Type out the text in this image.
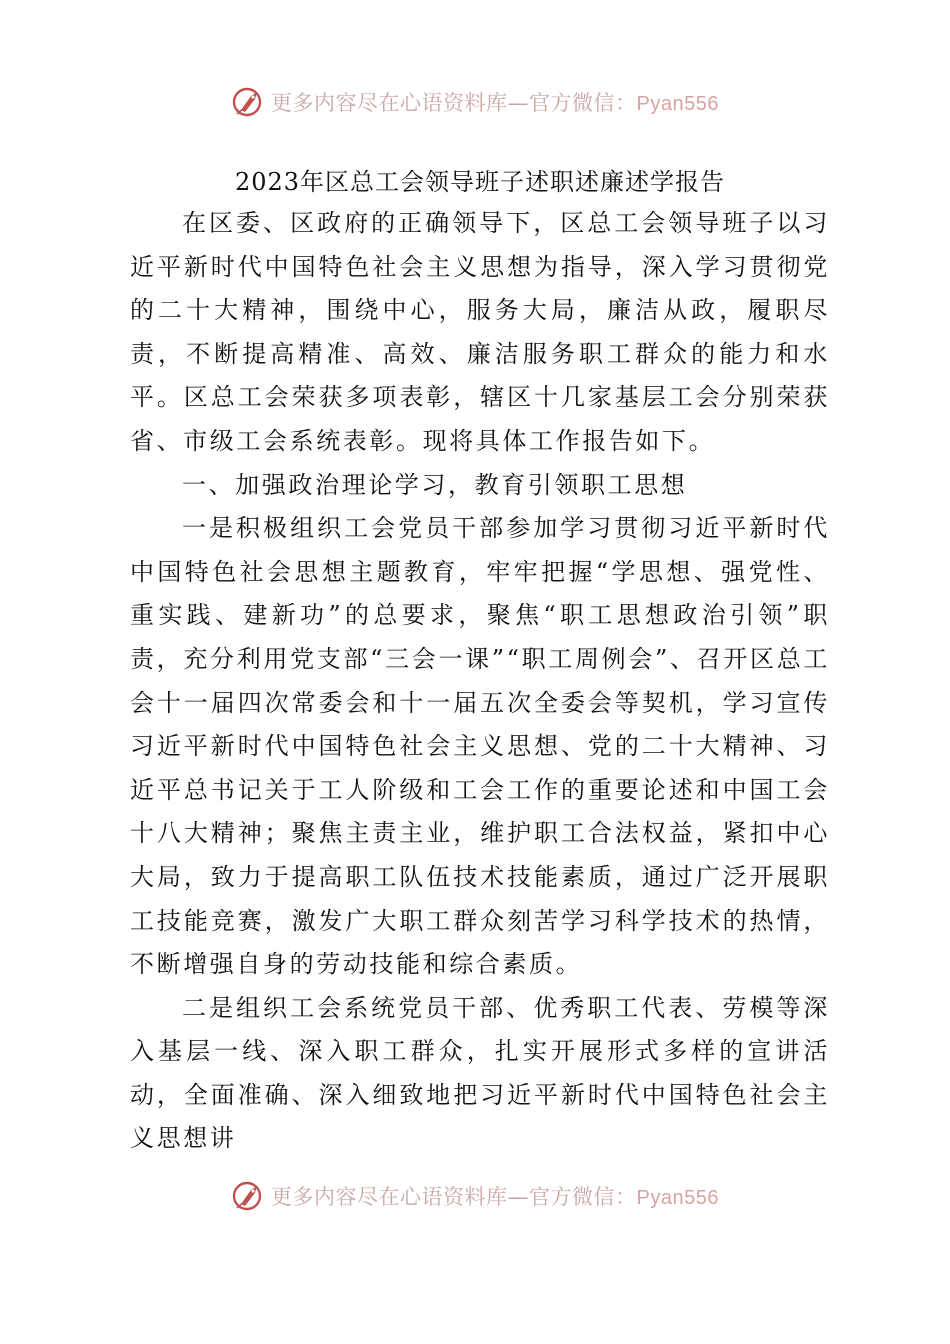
更多内容尽在心语资料库—官方微信：Pyan556
2023年区总工会领导班子述职述廉述学报告

在区委、区政府的正确领导下，区总工会领导班子以习近平新时代中国特色社会主义思想为指导，深入学习贯彻党的二十大精神，围绕中心，服务大局，廉洁从政，履职尽责，不断提高精准、高效、廉洁服务职工群众的能力和水平。区总工会荣获多项表彰，辖区十几家基层工会分别荣获省、市级工会系统表彰。现将具体工作报告如下。

一、加强政治理论学习，教育引领职工思想

一是积极组织工会党员干部参加学习贯彻习近平新时代中国特色社会思想主题教育，牢牢把握“学思想、强党性、重实践、建新功”的总要求，聚焦“职工思想政治引领”职责，充分利用党支部“三会一课”“职工周例会”、召开区总工会十一届四次常委会和十一届五次全委会等契机，学习宣传习近平新时代中国特色社会主义思想、党的二十大精神、习近平总书记关于工人阶级和工会工作的重要论述和中国工会十八大精神；聚焦主责主业，维护职工合法权益，紧扣中心大局，致力于提高职工队伍技术技能素质，通过广泛开展职工技能竞赛，激发广大职工群众刻苦学习科学技术的热情，不断增强自身的劳动技能和综合素质。

二是组织工会系统党员干部、优秀职工代表、劳模等深入基层一线、深入职工群众，扎实开展形式多样的宣讲活动，全面准确、深入细致地把习近平新时代中国特色社会主义思想讲

更多内容尽在心语资料库—官方微信：Pyan556
